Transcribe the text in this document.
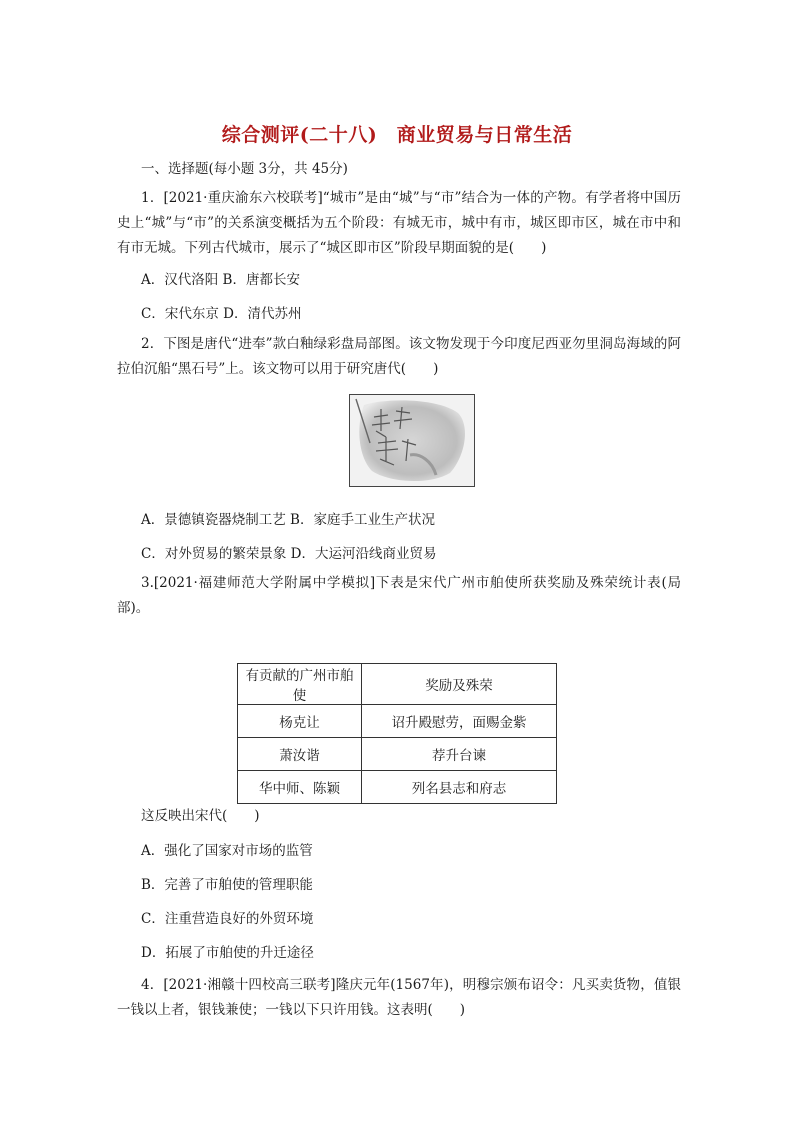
综合测评(二十八)　商业贸易与日常生活
一、选择题(每小题 3分，共 45分)
1．[2021·重庆渝东六校联考]“城市”是由“城”与“市”结合为一体的产物。有学者将中国历史上“城”与“市”的关系演变概括为五个阶段：有城无市，城中有市，城区即市区，城在市中和有市无城。下列古代城市，展示了“城区即市区”阶段早期面貌的是(　　)
A．汉代洛阳 B．唐都长安
C．宋代东京 D．清代苏州
2．下图是唐代“进奉”款白釉绿彩盘局部图。该文物发现于今印度尼西亚勿里洞岛海域的阿拉伯沉船“黑石号”上。该文物可以用于研究唐代(　　)
A．景德镇瓷器烧制工艺 B．家庭手工业生产状况
C．对外贸易的繁荣景象 D．大运河沿线商业贸易
3.[2021·福建师范大学附属中学模拟]下表是宋代广州市舶使所获奖励及殊荣统计表(局部)。
有贡献的广州市舶使	奖励及殊荣
杨克让	诏升殿慰劳，面赐金紫
萧汝谐	荐升台谏
华中师、陈颖	列名县志和府志
这反映出宋代(　　)
A．强化了国家对市场的监管
B．完善了市舶使的管理职能
C．注重营造良好的外贸环境
D．拓展了市舶使的升迁途径
4．[2021·湘赣十四校高三联考]隆庆元年(1567年)，明穆宗颁布诏令：凡买卖货物，值银一钱以上者，银钱兼使；一钱以下只许用钱。这表明(　　)
